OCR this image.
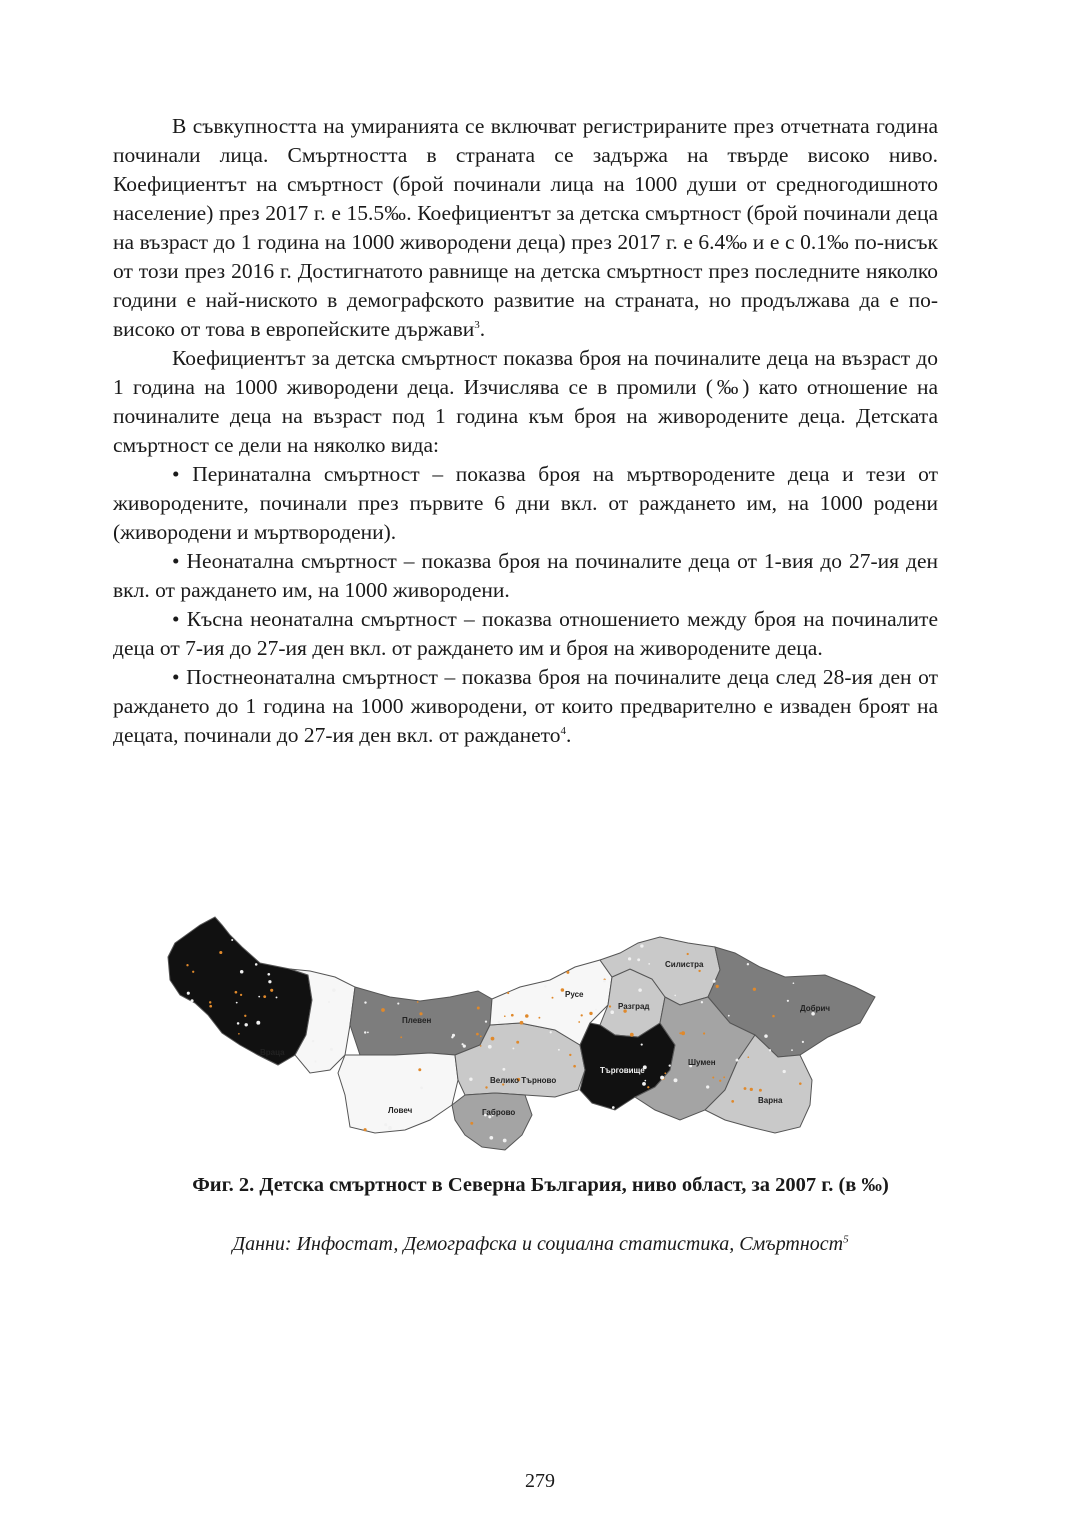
В съвкупността на умиранията се включват регистрираните през отчетната година починали лица. Смъртността в страната се задържа на твърде високо ниво. Коефициентът на смъртност (брой починали лица на 1000 души от средногодишното население) през 2017 г. е 15.5‰. Коефициентът за детска смъртност (брой починали деца на възраст до 1 година на 1000 живородени деца) през 2017 г. е 6.4‰ и е с 0.1‰ по-нисък от този през 2016 г. Достигнатото равнище на детска смъртност през последните няколко години е най-ниското в демографското развитие на страната, но продължава да е по-високо от това в европейските държави$^3$.

Коефициентът за детска смъртност показва броя на починалите деца на възраст до 1 година на 1000 живородени деца. Изчислява се в промили (‰) като отношение на починалите деца на възраст под 1 година към броя на живородените деца. Детската смъртност се дели на няколко вида:

• Перинатална смъртност – показва броя на мъртвородените деца и тези от живородените, починали през първите 6 дни вкл. от раждането им, на 1000 родени (живородени и мъртвородени).

• Неонатална смъртност – показва броя на починалите деца от 1-вия до 27-ия ден вкл. от раждането им, на 1000 живородени.

• Късна неонатална смъртност – показва отношението между броя на починалите деца от 7-ия до 27-ия ден вкл. от раждането им и броя на живородените деца.

• Постнеонатална смъртност – показва броя на починалите деца след 28-ия ден от раждането до 1 година на 1000 живородени, от които предварително е изваден броят на децата, починали до 27-ия ден вкл. от раждането$^4$.

Враца
Плевен
Ловеч
Велико Търново
Габрово
Русе
Разград
Търговище
Силистра
Добрич
Шумен
Варна
Фиг. 2. Детска смъртност в Северна България, ниво област, за 2007 г. (в ‰)
Данни: Инфостат, Демографска и социална статистика, Смъртност$^5$
279
